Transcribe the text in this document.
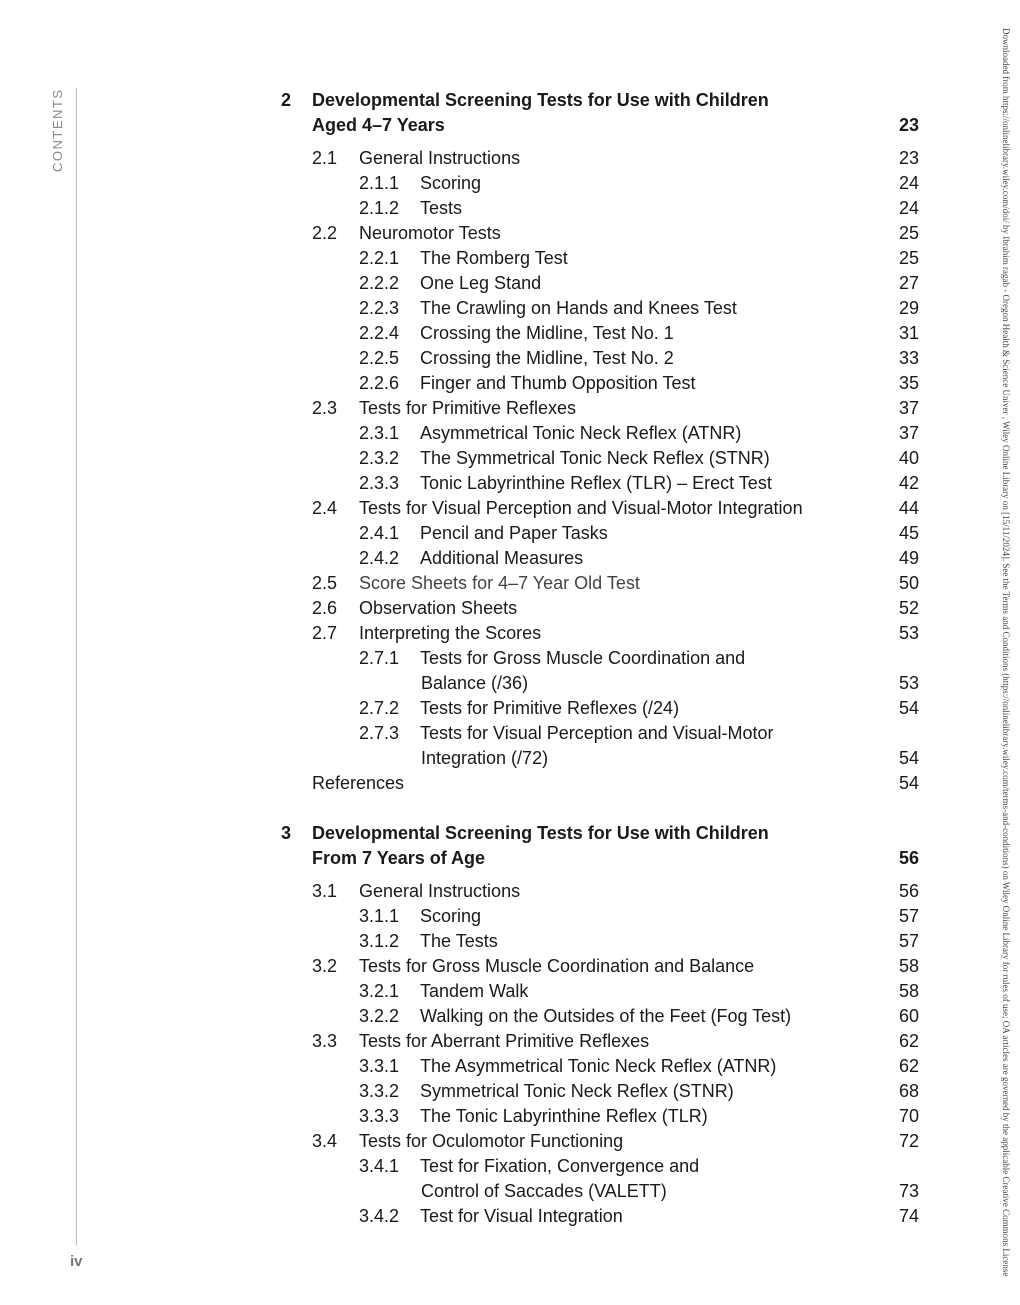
CONTENTS
iv	Downloaded from https://onlinelibrary.wiley.com/doi/ by Ibrahim ragab - Oregon Health & Science Univer , Wiley Online Library on [15/11/2024]. See the Terms and Conditions (https://onlinelibrary.wiley.com/terms-and-conditions) on Wiley Online Library for rules of use; OA articles are governed by the applicable Creative Commons License
2 Developmental Screening Tests for Use with Children
Aged 4–7 Years	23
2.1 General Instructions	23
2.1.1 Scoring	24
2.1.2 Tests	24
2.2 Neuromotor Tests	25
2.2.1 The Romberg Test	25
2.2.2 One Leg Stand	27
2.2.3 The Crawling on Hands and Knees Test	29
2.2.4 Crossing the Midline, Test No. 1	31
2.2.5 Crossing the Midline, Test No. 2	33
2.2.6 Finger and Thumb Opposition Test	35
2.3 Tests for Primitive Reflexes	37
2.3.1 Asymmetrical Tonic Neck Reflex (ATNR)	37
2.3.2 The Symmetrical Tonic Neck Reflex (STNR)	40
2.3.3 Tonic Labyrinthine Reflex (TLR) – Erect Test	42
2.4 Tests for Visual Perception and Visual-Motor Integration	44
2.4.1 Pencil and Paper Tasks	45
2.4.2 Additional Measures	49
2.5 Score Sheets for 4–7 Year Old Test	50
2.6 Observation Sheets	52
2.7 Interpreting the Scores	53
2.7.1 Tests for Gross Muscle Coordination and
Balance (/36)	53
2.7.2 Tests for Primitive Reflexes (/24)	54
2.7.3 Tests for Visual Perception and Visual-Motor
Integration (/72)	54
References	54
3 Developmental Screening Tests for Use with Children
From 7 Years of Age	56
3.1 General Instructions	56
3.1.1 Scoring	57
3.1.2 The Tests	57
3.2 Tests for Gross Muscle Coordination and Balance	58
3.2.1 Tandem Walk	58
3.2.2 Walking on the Outsides of the Feet (Fog Test)	60
3.3 Tests for Aberrant Primitive Reflexes	62
3.3.1 The Asymmetrical Tonic Neck Reflex (ATNR)	62
3.3.2 Symmetrical Tonic Neck Reflex (STNR)	68
3.3.3 The Tonic Labyrinthine Reflex (TLR)	70
3.4 Tests for Oculomotor Functioning	72
3.4.1 Test for Fixation, Convergence and
Control of Saccades (VALETT)	73
3.4.2 Test for Visual Integration	74
